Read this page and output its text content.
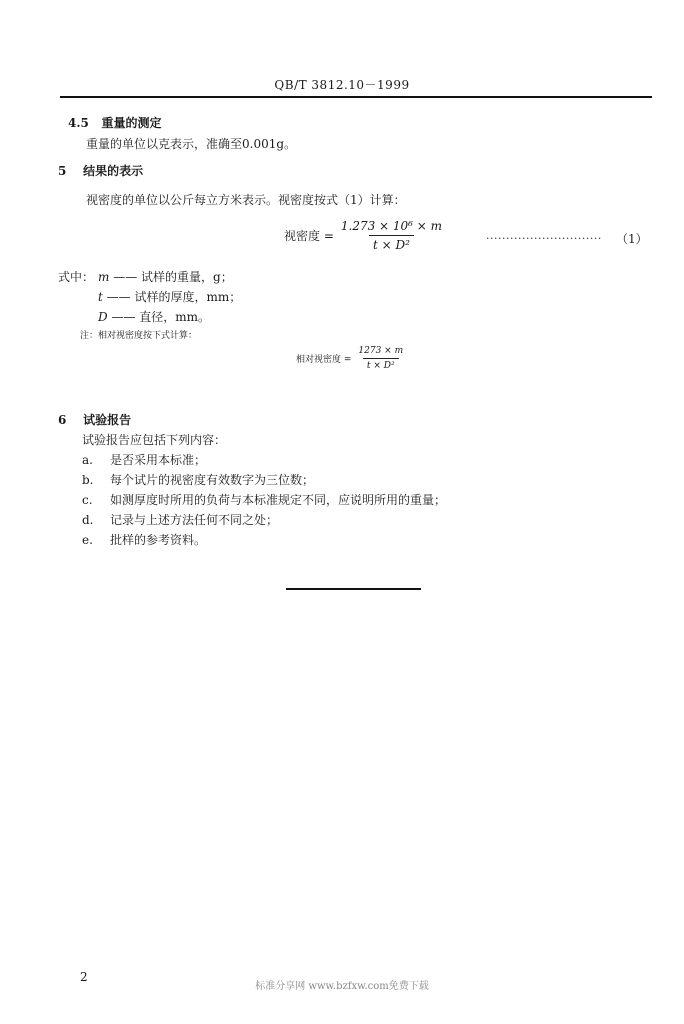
QB/T 3812.10－1999
4.5 重量的测定
重量的单位以克表示，准确至0.001g。
5 结果的表示
视密度的单位以公斤每立方米表示。视密度按式（1）计算：
视密度 = $\frac{\text{1.273 × 10⁶ × m}}{\text{t × D²}}$	····························· （1）
式中： m —— 试样的重量，g；
t —— 试样的厚度，mm；
D —— 直径，mm。
注：相对视密度按下式计算：
相对视密度 = $\frac{1273 \times m}{\text{t × D²}}$
6 试验报告
试验报告应包括下列内容：
a. 是否采用本标准；
b. 每个试片的视密度有效数字为三位数；
c. 如测厚度时所用的负荷与本标准规定不同，应说明所用的重量；
d. 记录与上述方法任何不同之处；
e. 批样的参考资料。
2
标准分享网 www.bzfxw.com免费下载
